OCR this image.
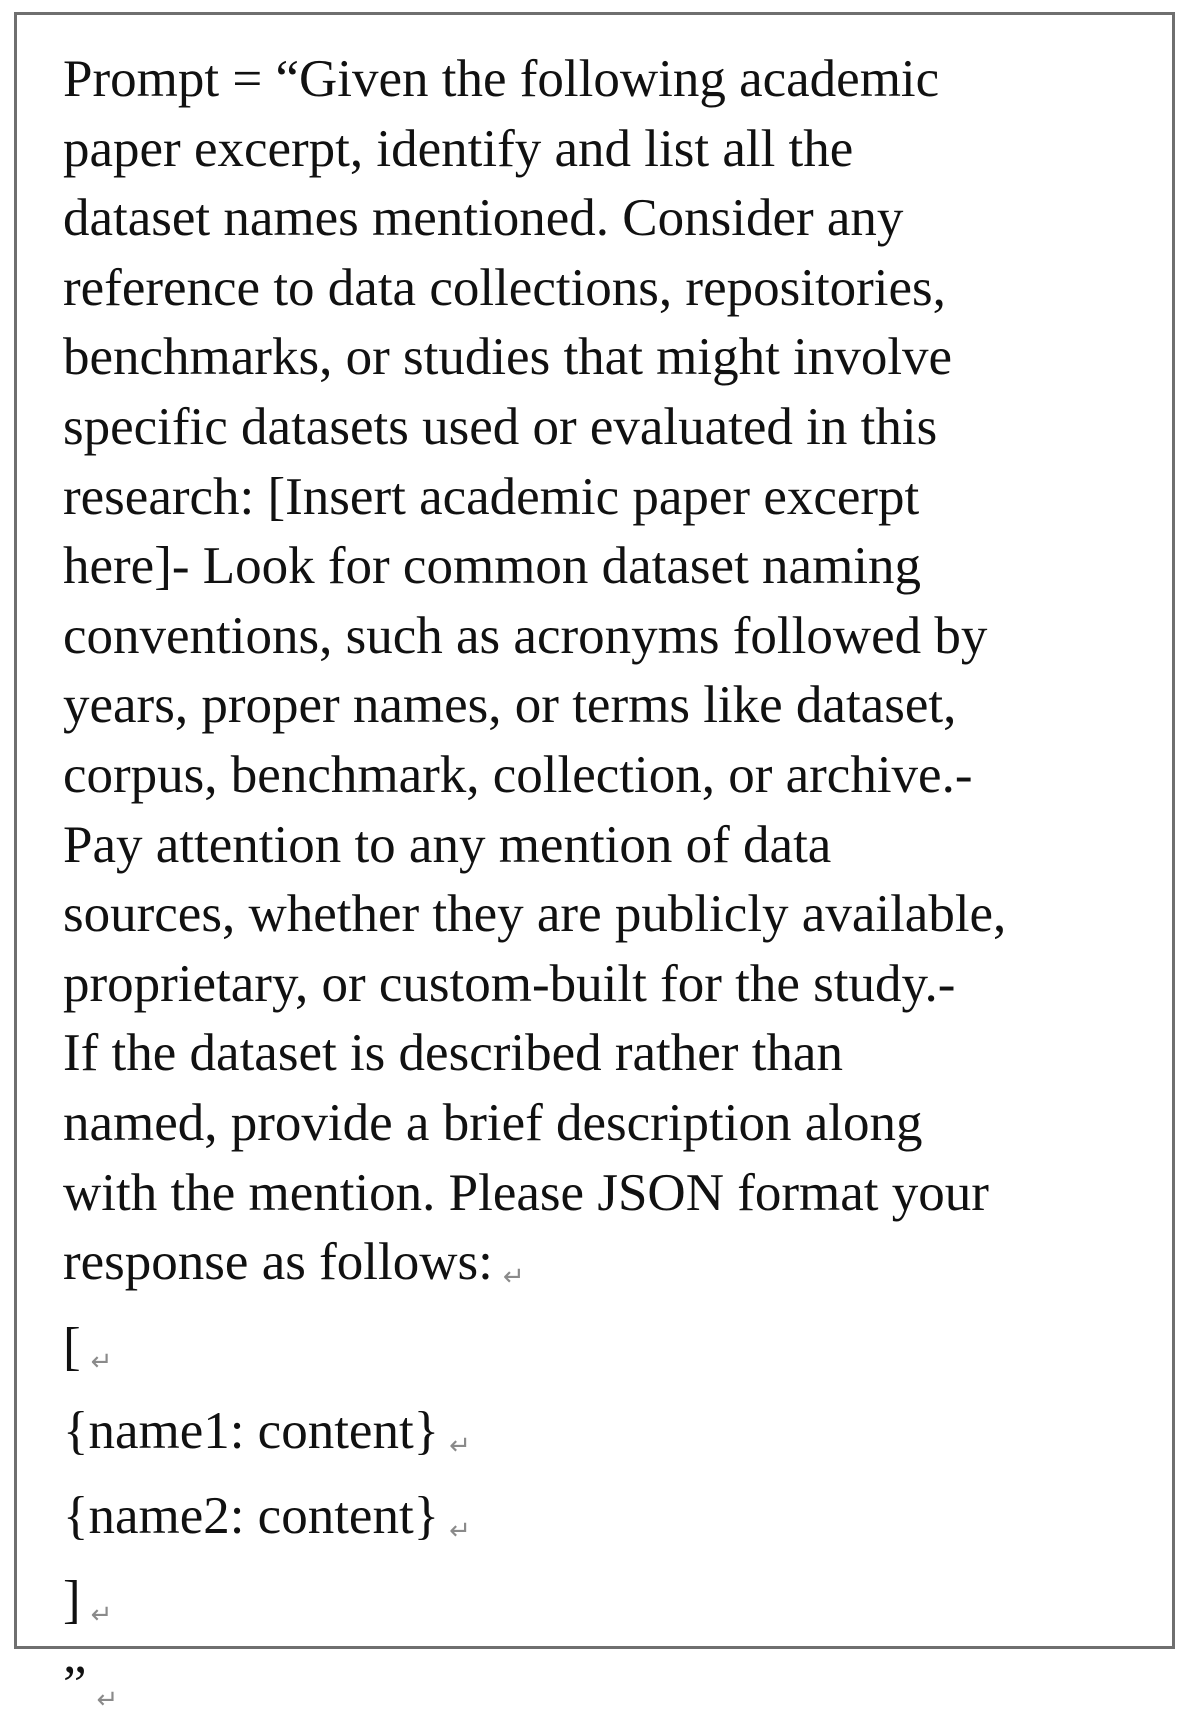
Prompt = “Given the following academic
paper excerpt, identify and list all the
dataset names mentioned. Consider any
reference to data collections, repositories,
benchmarks, or studies that might involve
specific datasets used or evaluated in this
research: [Insert academic paper excerpt
here]- Look for common dataset naming
conventions, such as acronyms followed by
years, proper names, or terms like dataset,
corpus, benchmark, collection, or archive.-
Pay attention to any mention of data
sources, whether they are publicly available,
proprietary, or custom-built for the study.-
If the dataset is described rather than
named, provide a brief description along
with the mention. Please JSON format your
response as follows: ↵
[ ↵
{name1: content} ↵
{name2: content} ↵
] ↵
” ↵
